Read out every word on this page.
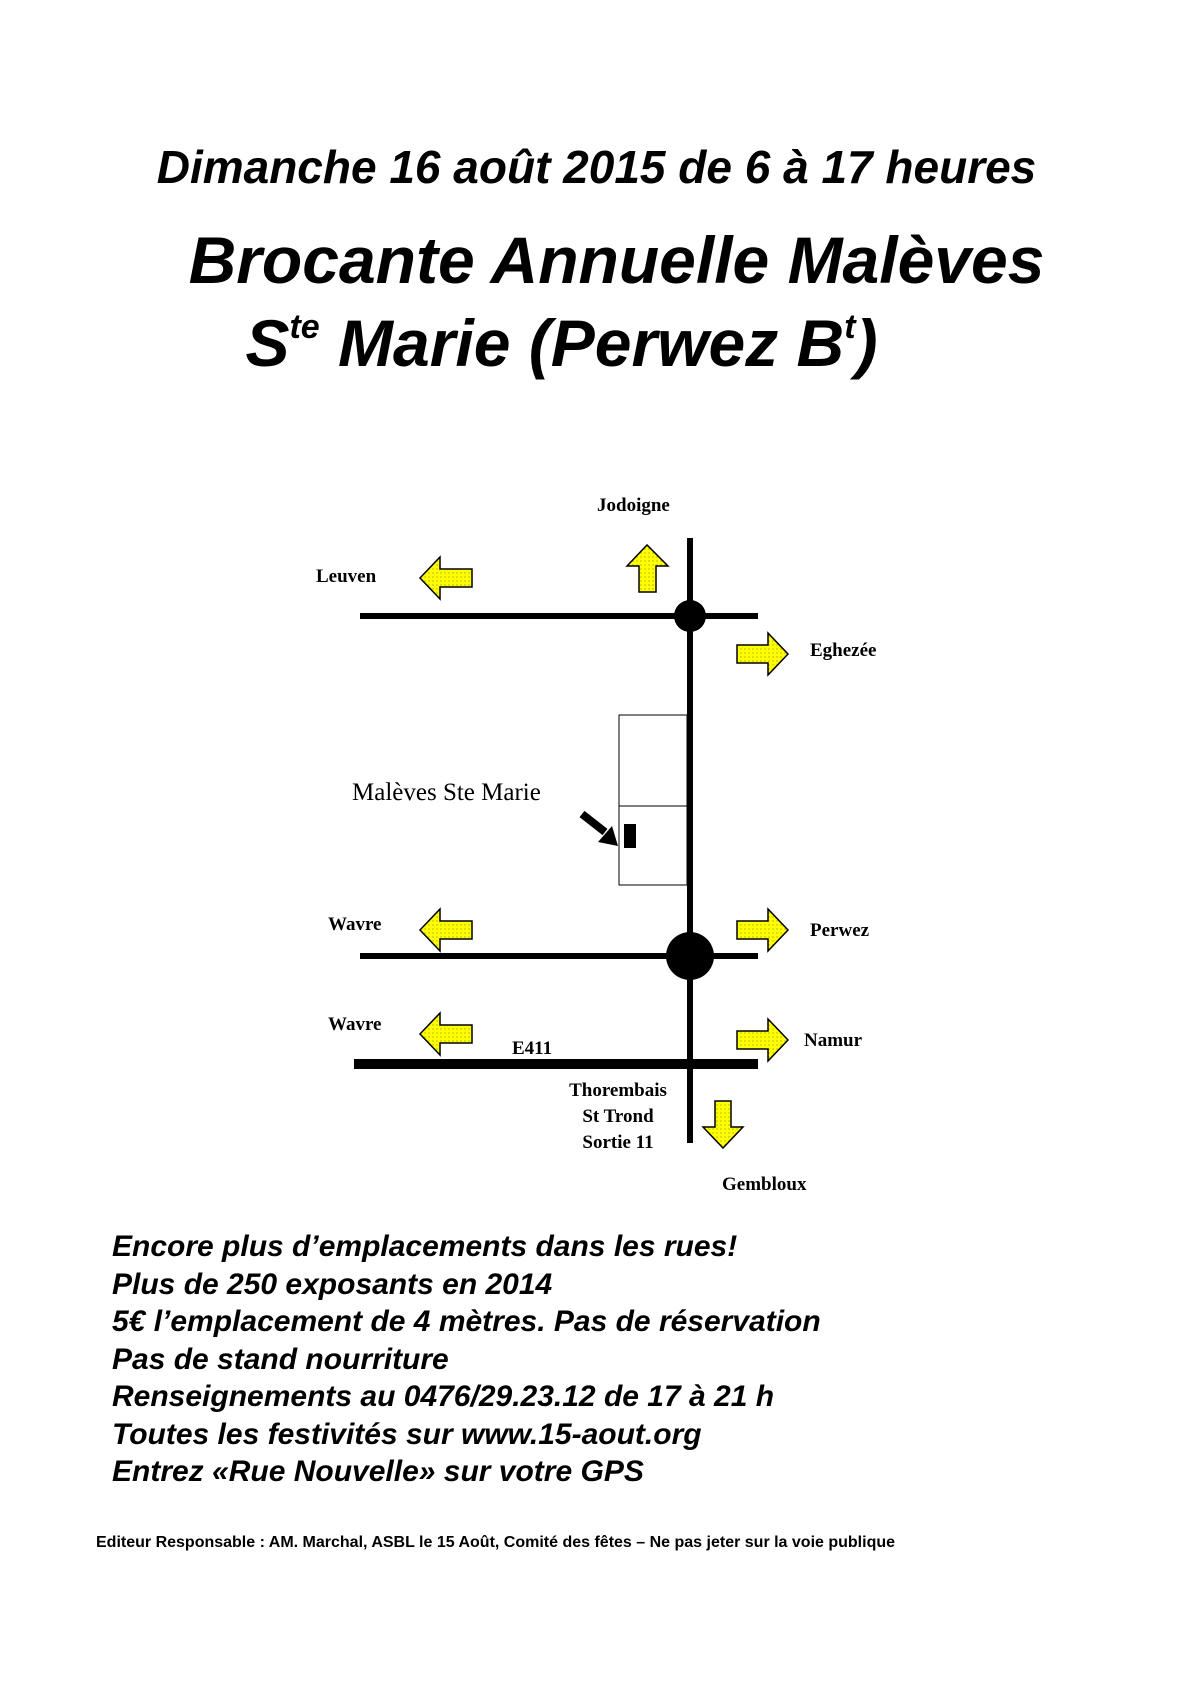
Dimanche 16 août 2015 de 6 à 17 heures
Brocante Annuelle Malèves
$S^{te}$ Marie (Perwez $B^t$)
Jodoigne
Leuven
Eghezée
Malèves Ste Marie
Wavre	Perwez
Wavre
E411	Namur
Thorembais
St Trond
Sortie 11
Gembloux
Encore plus d’emplacements dans les rues!
Plus de 250 exposants en 2014
5€ l’emplacement de 4 mètres. Pas de réservation
Pas de stand nourriture
Renseignements au 0476/29.23.12 de 17 à 21 h
Toutes les festivités sur www.15-aout.org
Entrez «Rue Nouvelle» sur votre GPS
Editeur Responsable : AM. Marchal, ASBL le 15 Août, Comité des fêtes – Ne pas jeter sur la voie publique
